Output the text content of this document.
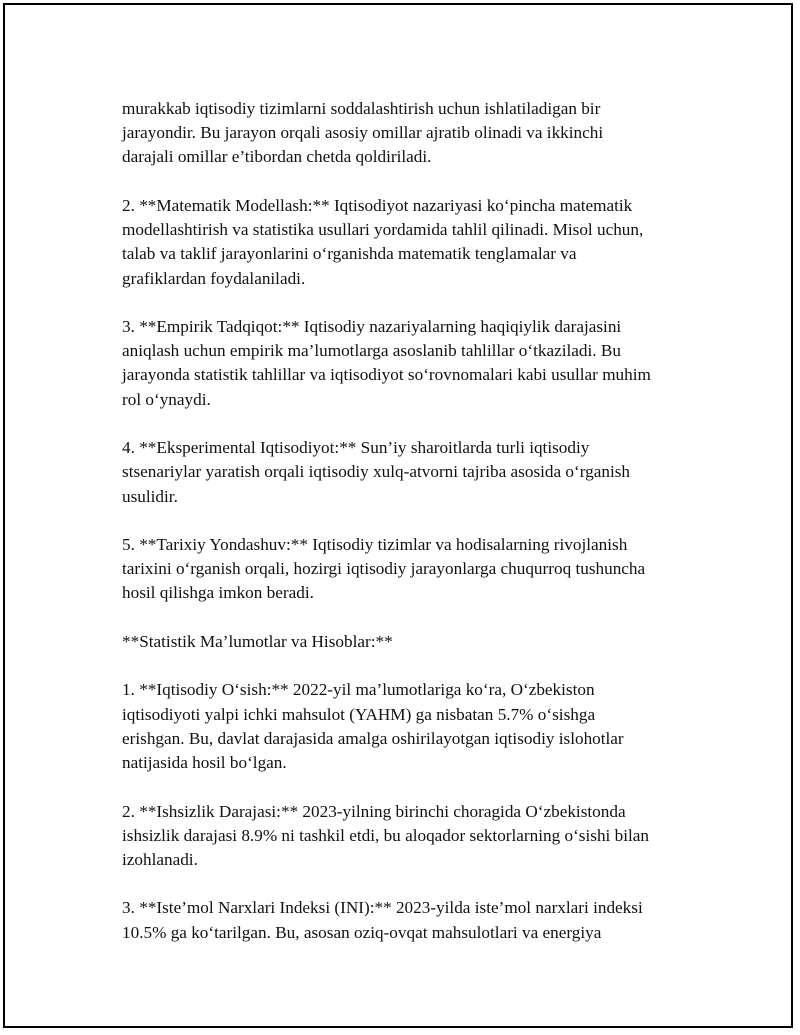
murakkab iqtisodiy tizimlarni soddalashtirish uchun ishlatiladigan bir
jarayondir. Bu jarayon orqali asosiy omillar ajratib olinadi va ikkinchi
darajali omillar e’tibordan chetda qoldiriladi.

2. **Matematik Modellash:** Iqtisodiyot nazariyasi ko‘pincha matematik
modellashtirish va statistika usullari yordamida tahlil qilinadi. Misol uchun,
talab va taklif jarayonlarini o‘rganishda matematik tenglamalar va
grafiklardan foydalaniladi.

3. **Empirik Tadqiqot:** Iqtisodiy nazariyalarning haqiqiylik darajasini
aniqlash uchun empirik ma’lumotlarga asoslanib tahlillar o‘tkaziladi. Bu
jarayonda statistik tahlillar va iqtisodiyot so‘rovnomalari kabi usullar muhim
rol o‘ynaydi.

4. **Eksperimental Iqtisodiyot:** Sun’iy sharoitlarda turli iqtisodiy
stsenariylar yaratish orqali iqtisodiy xulq-atvorni tajriba asosida o‘rganish
usulidir.

5. **Tarixiy Yondashuv:** Iqtisodiy tizimlar va hodisalarning rivojlanish
tarixini o‘rganish orqali, hozirgi iqtisodiy jarayonlarga chuqurroq tushuncha
hosil qilishga imkon beradi.

**Statistik Ma’lumotlar va Hisoblar:**

1. **Iqtisodiy O‘sish:** 2022-yil ma’lumotlariga ko‘ra, O‘zbekiston
iqtisodiyoti yalpi ichki mahsulot (YAHM) ga nisbatan 5.7% o‘sishga
erishgan. Bu, davlat darajasida amalga oshirilayotgan iqtisodiy islohotlar
natijasida hosil bo‘lgan.

2. **Ishsizlik Darajasi:** 2023-yilning birinchi choragida O‘zbekistonda
ishsizlik darajasi 8.9% ni tashkil etdi, bu aloqador sektorlarning o‘sishi bilan
izohlanadi.

3. **Iste’mol Narxlari Indeksi (INI):** 2023-yilda iste’mol narxlari indeksi
10.5% ga ko‘tarilgan. Bu, asosan oziq-ovqat mahsulotlari va energiya
